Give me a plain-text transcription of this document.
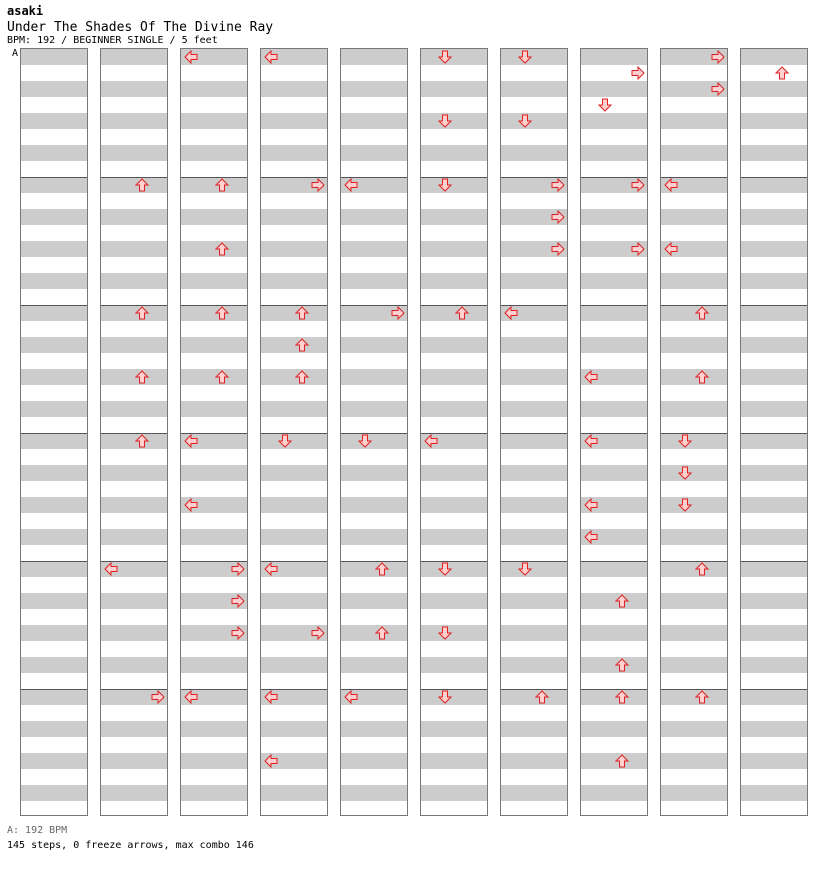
asaki
Under The Shades Of The Divine Ray
BPM: 192 / BEGINNER SINGLE / 5 feet
A
A: 192 BPM
145 steps, 0 freeze arrows, max combo 146
